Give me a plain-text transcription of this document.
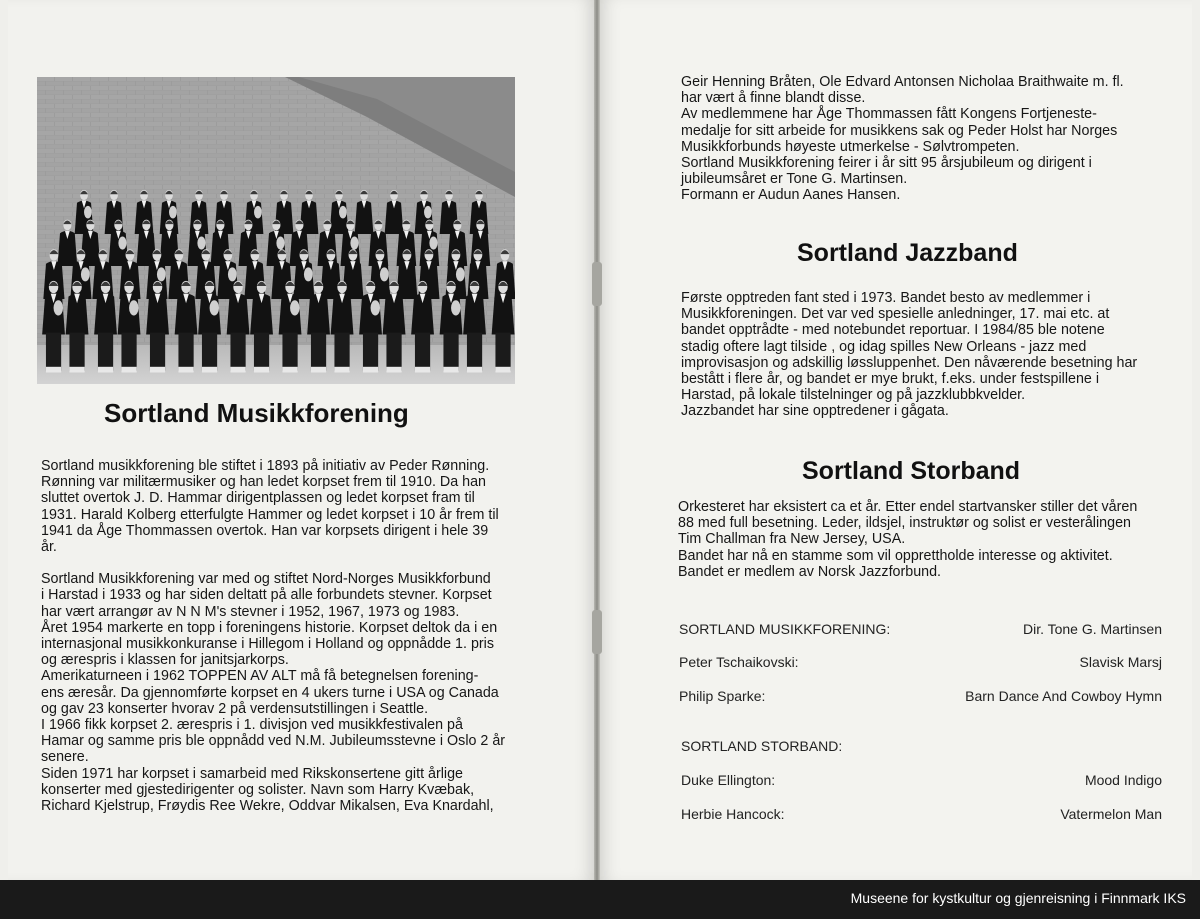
Sortland Musikkforening
Sortland musikkforening ble stiftet i 1893 på initiativ av Peder Rønning.
Rønning var militærmusiker og han ledet korpset frem til 1910. Da han
sluttet overtok J. D. Hammar dirigentplassen og ledet korpset fram til
1931. Harald Kolberg etterfulgte Hammer og ledet korpset i 10 år frem til
1941 da Åge Thommassen overtok. Han var korpsets dirigent i hele 39
år.
Sortland Musikkforening var med og stiftet Nord-Norges Musikkforbund
i Harstad i 1933 og har siden deltatt på alle forbundets stevner. Korpset
har vært arrangør av N N M's stevner i 1952, 1967, 1973 og 1983.
Året 1954 markerte en topp i foreningens historie. Korpset deltok da i en
internasjonal musikkonkuranse i Hillegom i Holland og oppnådde 1. pris
og ærespris i klassen for janitsjarkorps.
Amerikaturneen i 1962 TOPPEN AV ALT må få betegnelsen forening-
ens æresår. Da gjennomførte korpset en 4 ukers turne i USA og Canada
og gav 23 konserter hvorav 2 på verdensutstillingen i Seattle.
I 1966 fikk korpset 2. ærespris i 1. divisjon ved musikkfestivalen på
Hamar og samme pris ble oppnådd ved N.M. Jubileumsstevne i Oslo 2 år
senere.
Siden 1971 har korpset i samarbeid med Rikskonsertene gitt årlige
konserter med gjestedirigenter og solister. Navn som Harry Kvæbak,
Richard Kjelstrup, Frøydis Ree Wekre, Oddvar Mikalsen, Eva Knardahl,
Geir Henning Bråten, Ole Edvard Antonsen Nicholaa Braithwaite m. fl.
har vært å finne blandt disse.
Av medlemmene har Åge Thommassen fått Kongens Fortjeneste-
medalje for sitt arbeide for musikkens sak og Peder Holst har Norges
Musikkforbunds høyeste utmerkelse - Sølvtrompeten.
Sortland Musikkforening feirer i år sitt 95 årsjubileum og dirigent i
jubileumsåret er Tone G. Martinsen.
Formann er Audun Aanes Hansen.
Sortland Jazzband
Første opptreden fant sted i 1973. Bandet besto av medlemmer i
Musikkforeningen. Det var ved spesielle anledninger, 17. mai etc. at
bandet opptrådte - med notebundet reportuar. I 1984/85 ble notene
stadig oftere lagt tilside , og idag spilles New Orleans - jazz med
improvisasjon og adskillig løssluppenhet. Den nåværende besetning har
bestått i flere år, og bandet er mye brukt, f.eks. under festspillene i
Harstad, på lokale tilstelninger og på jazzklubbkvelder.
Jazzbandet har sine opptredener i gågata.
Sortland Storband
Orkesteret har eksistert ca et år. Etter endel startvansker stiller det våren
88 med full besetning. Leder, ildsjel, instruktør og solist er vesterålingen
Tim Challman fra New Jersey, USA.
Bandet har nå en stamme som vil opprettholde interesse og aktivitet.
Bandet er medlem av Norsk Jazzforbund.
SORTLAND MUSIKKFORENING:	Dir. Tone G. Martinsen
Peter Tschaikovski:	Slavisk Marsj
Philip Sparke:	Barn Dance And Cowboy Hymn
SORTLAND STORBAND:
Duke Ellington:	Mood Indigo
Herbie Hancock:	Vatermelon Man
Museene for kystkultur og gjenreisning i Finnmark IKS
